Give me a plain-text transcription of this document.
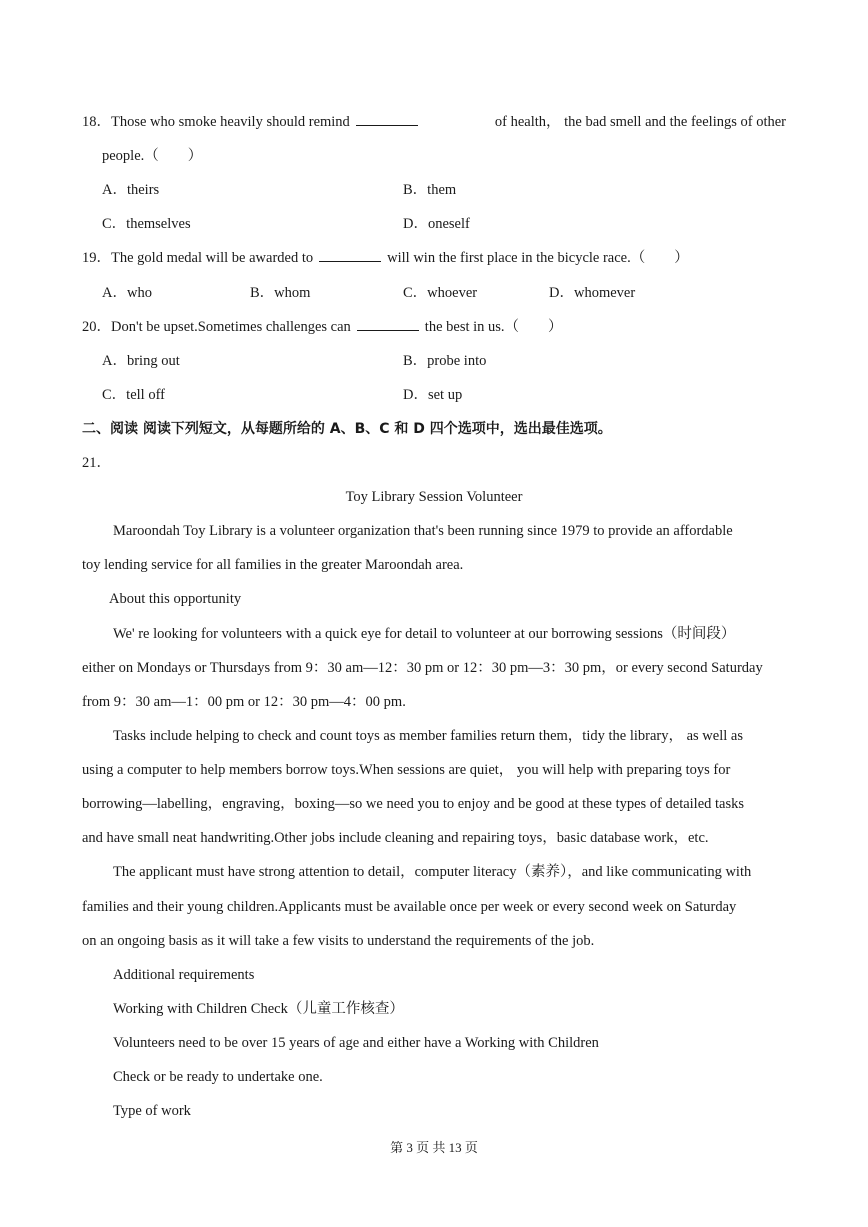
18．Those who smoke heavily should remind	of health， the bad smell and the feelings of other
people.（　　）
A．theirs	B．them
C．themselves	D．oneself
19．The gold medal will be awarded to	will win the first place in the bicycle race.（　　）
A．who	B．whom	C．whoever	D．whomever
20．Don't be upset.Sometimes challenges can	the best in us.（　　）
A．bring out	B．probe into
C．tell off	D．set up
二、阅读 阅读下列短文，从每题所给的 A、B、C 和 D 四个选项中，选出最佳选项。
21．
Toy Library Session Volunteer
Maroondah Toy Library is a volunteer organization that's been running since 1979 to provide an affordable
toy lending service for all families in the greater Maroondah area.
About this opportunity
We' re looking for volunteers with a quick eye for detail to volunteer at our borrowing sessions（时间段）
either on Mondays or Thursdays from 9：30 am—12：30 pm or 12：30 pm—3：30 pm，or every second Saturday
from 9：30 am—1：00 pm or 12：30 pm—4：00 pm.
Tasks include helping to check and count toys as member families return them，tidy the library， as well as
using a computer to help members borrow toys.When sessions are quiet， you will help with preparing toys for
borrowing—labelling，engraving，boxing—so we need you to enjoy and be good at these types of detailed tasks
and have small neat handwriting.Other jobs include cleaning and repairing toys，basic database work，etc.
The applicant must have strong attention to detail，computer literacy（素养），and like communicating with
families and their young children.Applicants must be available once per week or every second week on Saturday
on an ongoing basis as it will take a few visits to understand the requirements of the job.
Additional requirements
Working with Children Check（儿童工作核查）
Volunteers need to be over 15 years of age and either have a Working with Children
Check or be ready to undertake one.
Type of work
第 3 页 共 13 页
